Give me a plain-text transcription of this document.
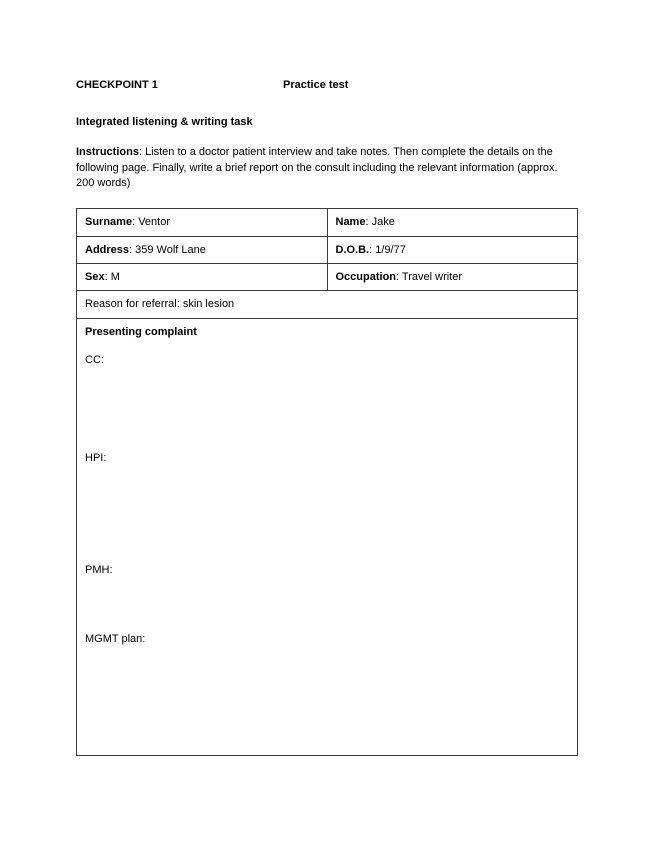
CHECKPOINT 1	Practice test
Integrated listening & writing task

Instructions: Listen to a doctor patient interview and take notes. Then complete the details on the following page. Finally, write a brief report on the consult including the relevant information (approx. 200 words)

Surname: Ventor	Name: Jake
Address: 359 Wolf Lane	D.O.B.: 1/9/77
Sex: M	Occupation: Travel writer
Reason for referral: skin lesion	

Presenting complaint
CC:
HPI:
PMH:
MGMT plan:	
